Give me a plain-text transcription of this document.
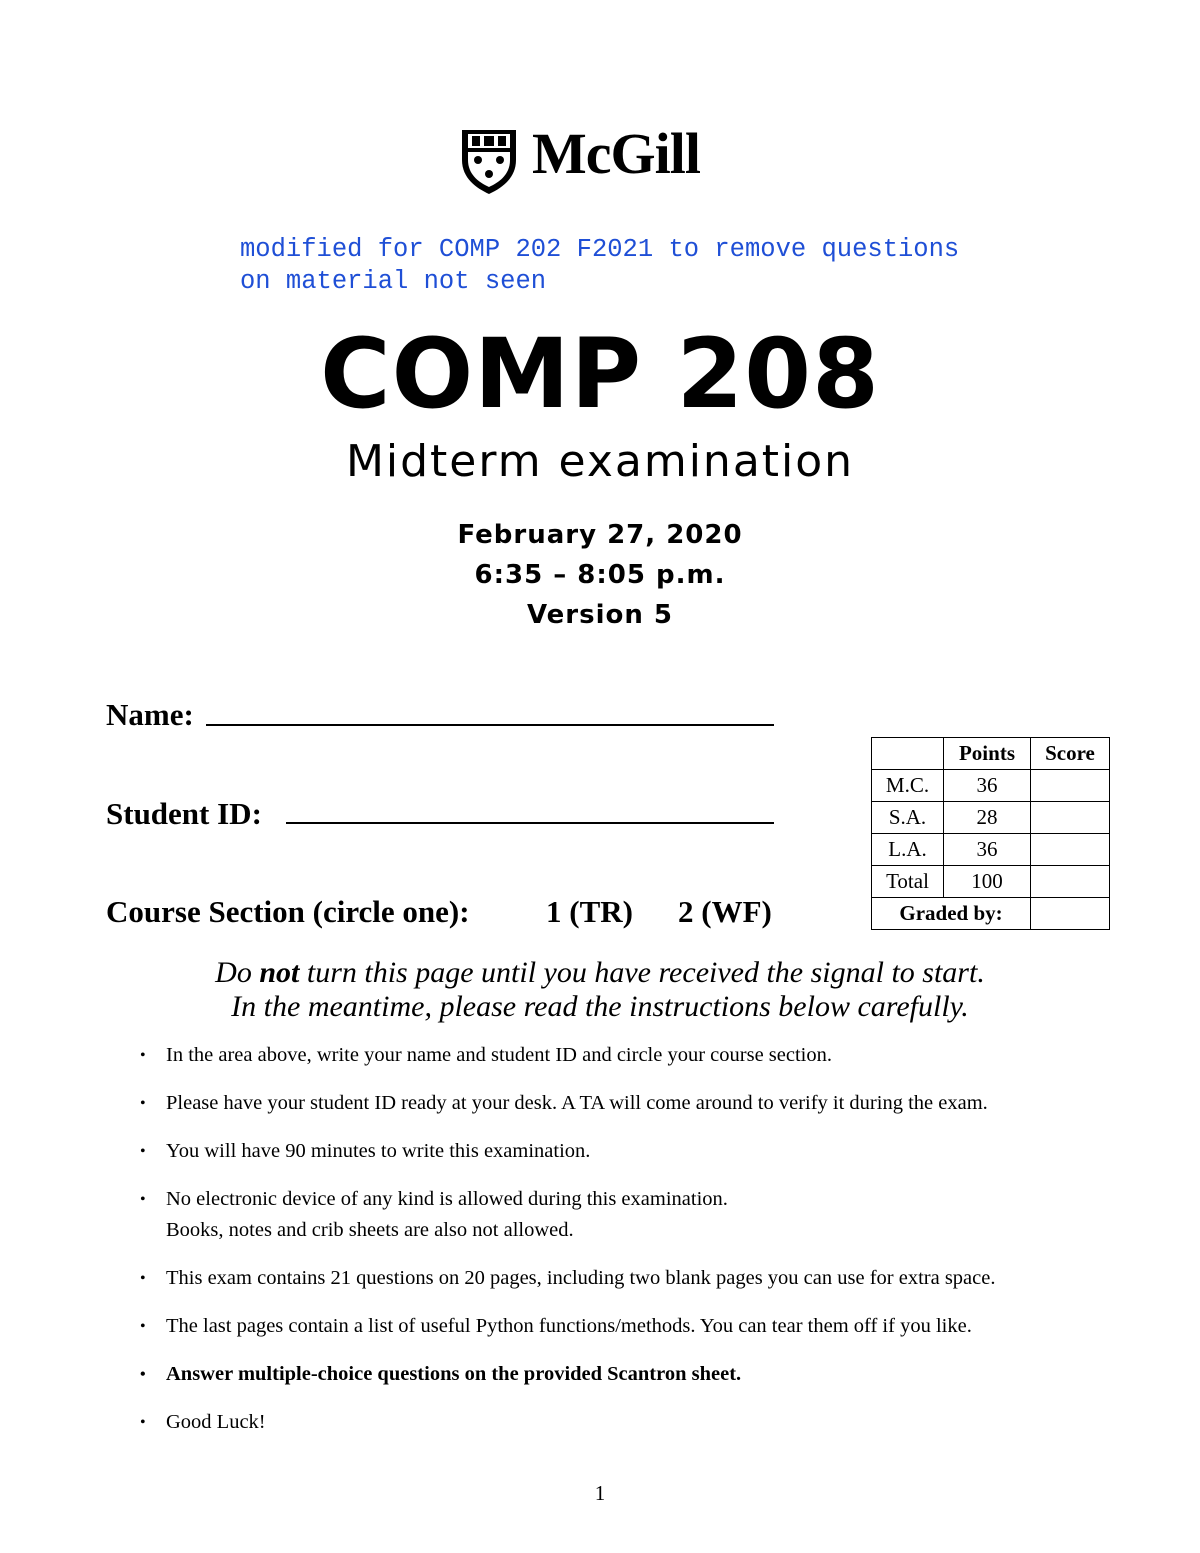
McGill
modified for COMP 202 F2021 to remove questions
on material not seen
COMP 208
Midterm examination
February 27, 2020
6:35 – 8:05 p.m.
Version 5
Name:
Student ID:
Course Section (circle one): 1 (TR) 2 (WF)
	Points	Score
M.C.	36	
S.A.	28	
L.A.	36	
Total	100	
Graded by:		
Do not turn this page until you have received the signal to start.
In the meantime, please read the instructions below carefully.
• In the area above, write your name and student ID and circle your course section.
• Please have your student ID ready at your desk. A TA will come around to verify it during the exam.
• You will have 90 minutes to write this examination.
• No electronic device of any kind is allowed during this examination.
Books, notes and crib sheets are also not allowed.
• This exam contains 21 questions on 20 pages, including two blank pages you can use for extra space.
• The last pages contain a list of useful Python functions/methods. You can tear them off if you like.
• Answer multiple-choice questions on the provided Scantron sheet.
• Good Luck!
1
